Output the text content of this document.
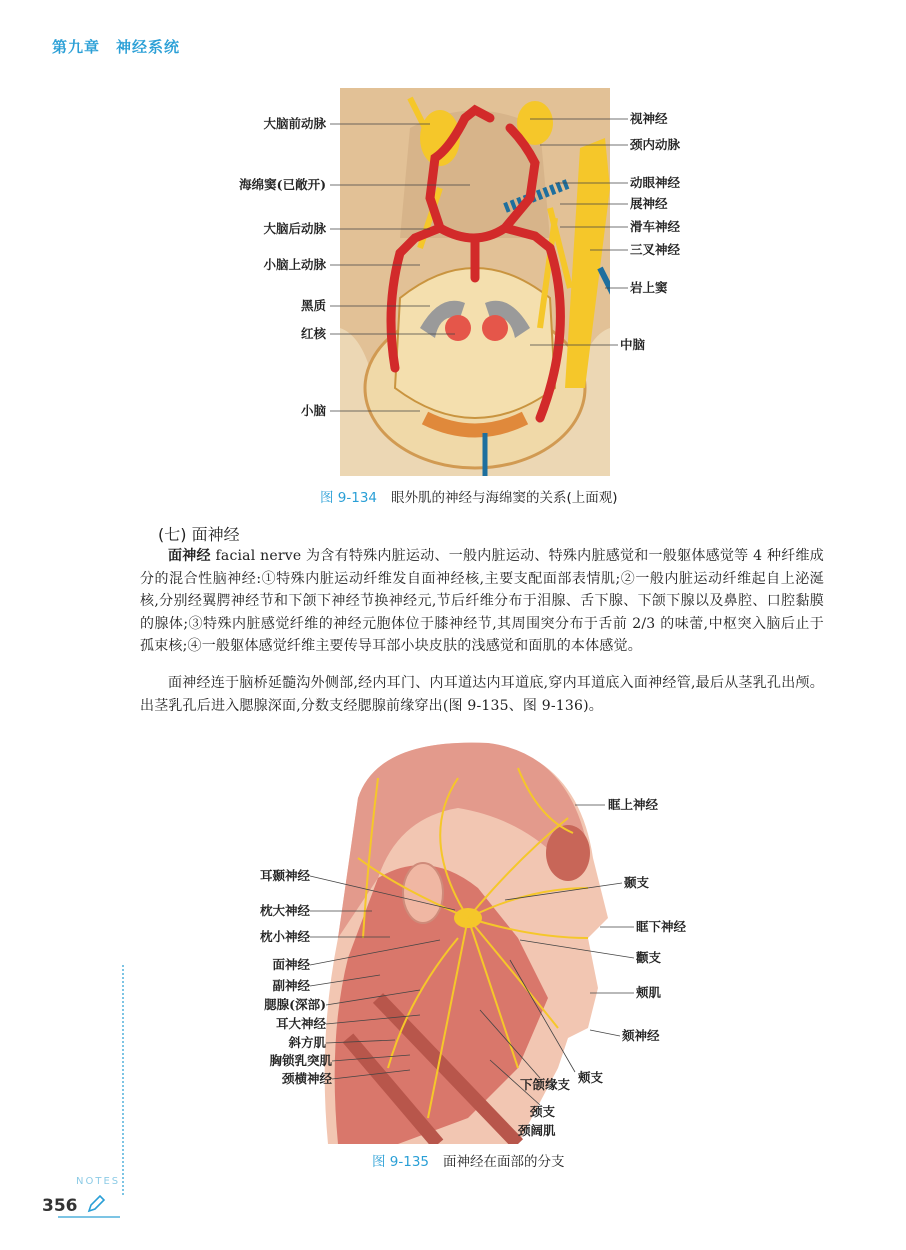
第九章　神经系统
大脑前动脉
海绵窦(已敞开)
大脑后动脉
小脑上动脉
黑质
红核
小脑
视神经
颈内动脉
动眼神经
展神经
滑车神经
三叉神经
岩上窦
中脑
图 9-134 眼外肌的神经与海绵窦的关系(上面观)
(七) 面神经
面神经 facial nerve 为含有特殊内脏运动、一般内脏运动、特殊内脏感觉和一般躯体感觉等 4 种纤维成分的混合性脑神经:①特殊内脏运动纤维发自面神经核,主要支配面部表情肌;②一般内脏运动纤维起自上泌涎核,分别经翼腭神经节和下颌下神经节换神经元,节后纤维分布于泪腺、舌下腺、下颌下腺以及鼻腔、口腔黏膜的腺体;③特殊内脏感觉纤维的神经元胞体位于膝神经节,其周围突分布于舌前 2/3 的味蕾,中枢突入脑后止于孤束核;④一般躯体感觉纤维主要传导耳部小块皮肤的浅感觉和面肌的本体感觉。
面神经连于脑桥延髓沟外侧部,经内耳门、内耳道达内耳道底,穿内耳道底入面神经管,最后从茎乳孔出颅。出茎乳孔后进入腮腺深面,分数支经腮腺前缘穿出(图 9-135、图 9-136)。
耳颞神经
枕大神经
枕小神经
面神经
副神经
腮腺(深部)
耳大神经
斜方肌
胸锁乳突肌
颈横神经
眶上神经
颞支
眶下神经
颧支
颊肌
颏神经
颊支
下颌缘支
颈支
颈阔肌
图 9-135 面神经在面部的分支
NOTES
356
